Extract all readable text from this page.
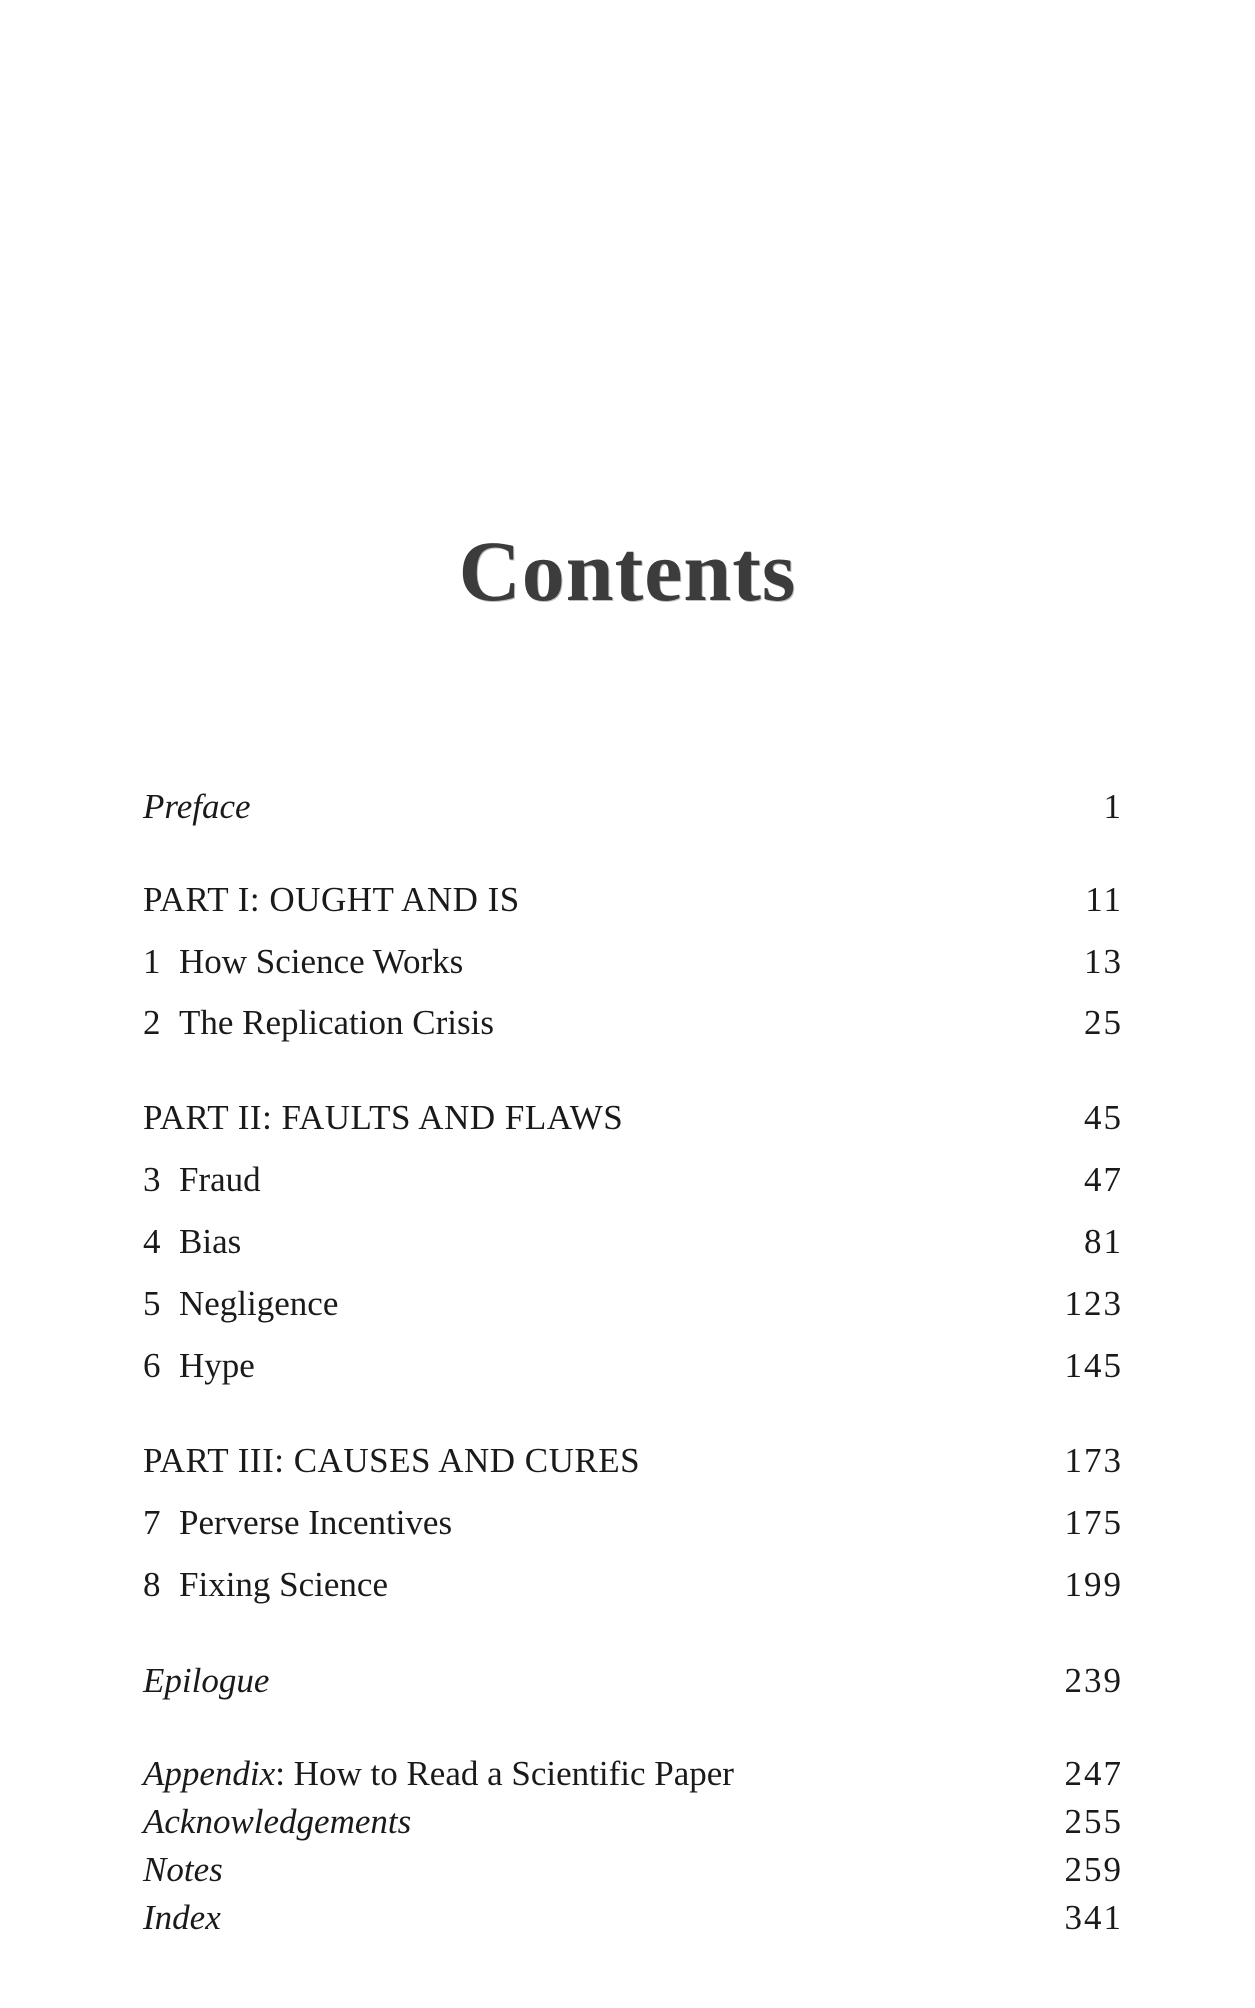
Contents
Preface	1
PART I: OUGHT AND IS	11
1 How Science Works	13
2 The Replication Crisis	25
PART II: FAULTS AND FLAWS	45
3 Fraud	47
4 Bias	81
5 Negligence	123
6 Hype	145
PART III: CAUSES AND CURES	173
7 Perverse Incentives	175
8 Fixing Science	199
Epilogue	239
Appendix: How to Read a Scientific Paper	247
Acknowledgements	255
Notes	259
Index	341
